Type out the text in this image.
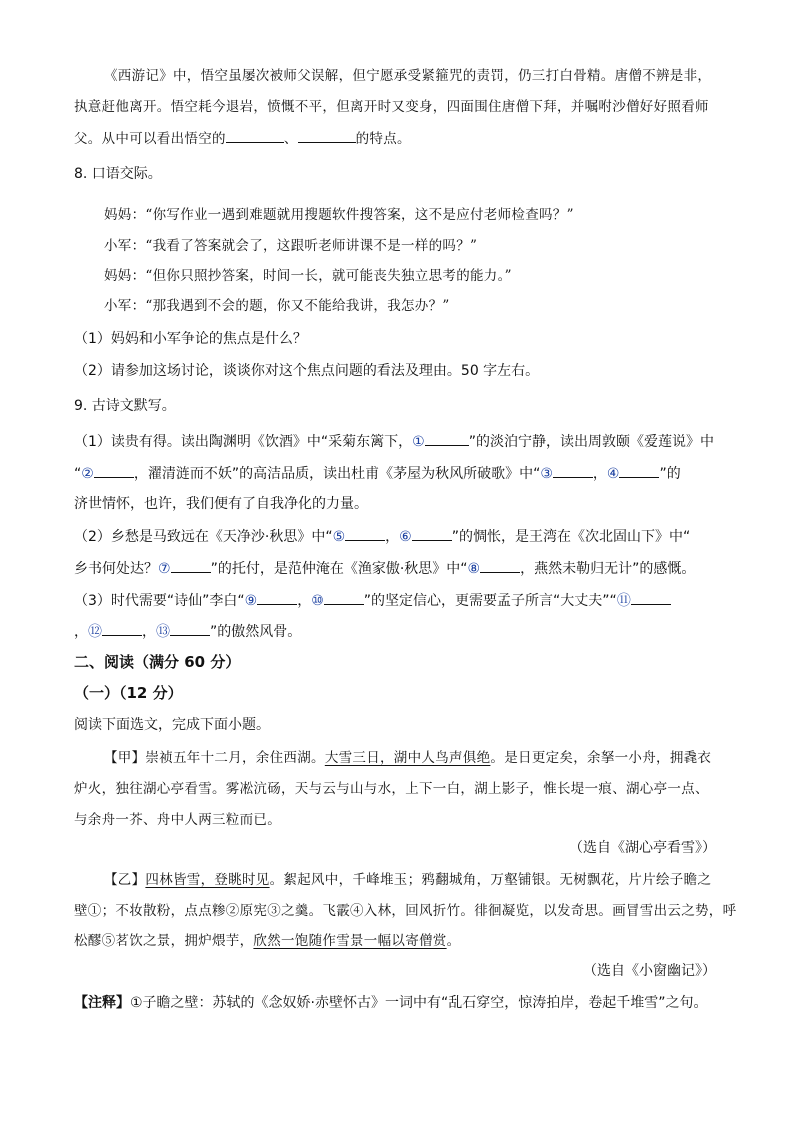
《西游记》中，悟空虽屡次被师父误解，但宁愿承受紧箍咒的责罚，仍三打白骨精。唐僧不辨是非，
执意赶他离开。悟空耗今退岩，愤慨不平，但离开时又变身，四面围住唐僧下拜，并嘱咐沙僧好好照看师
父。从中可以看出悟空的	、	的特点。
8. 口语交际。
妈妈：“你写作业一遇到难题就用搜题软件搜答案，这不是应付老师检查吗？”
小军：“我看了答案就会了，这跟听老师讲课不是一样的吗？”
妈妈：“但你只照抄答案，时间一长，就可能丧失独立思考的能力。”
小军：“那我遇到不会的题，你又不能给我讲，我怎办？”
（1）妈妈和小军争论的焦点是什么？
（2）请参加这场讨论，谈谈你对这个焦点问题的看法及理由。50 字左右。
9. 古诗文默写。
（1）读贵有得。读出陶渊明《饮酒》中“采菊东篱下，①	”的淡泊宁静，读出周敦颐《爱莲说》中
“②	，濯清涟而不妖”的高洁品质，读出杜甫《茅屋为秋风所破歌》中“③	，④	”的
济世情怀，也许，我们便有了自我净化的力量。
（2）乡愁是马致远在《天净沙·秋思》中“⑤	，⑥	”的惆怅，是王湾在《次北固山下》中“
乡书何处达？⑦	”的托付，是范仲淹在《渔家傲·秋思》中“⑧	，燕然未勒归无计”的感慨。
（3）时代需要“诗仙”李白“⑨	，⑩	”的坚定信心，更需要孟子所言“大丈夫”“⑪
，⑫	，⑬	”的傲然风骨。
二、阅读（满分 60 分）
（一）（12 分）
阅读下面选文，完成下面小题。
【甲】崇祯五年十二月，余住西湖。大雪三日，湖中人鸟声俱绝。是日更定矣，余拏一小舟，拥毳衣
炉火，独往湖心亭看雪。雾凇沆砀，天与云与山与水，上下一白，湖上影子，惟长堤一痕、湖心亭一点、
与余舟一芥、舟中人两三粒而已。
（选自《湖心亭看雪》）
【乙】四林皆雪，登眺时见。絮起风中，千峰堆玉；鸦翻城角，万壑铺银。无树飘花，片片绘子瞻之
壁①；不妆散粉，点点糁②原宪③之羹。飞霰④入林，回风折竹。徘徊凝览，以发奇思。画冒雪出云之势，呼
松醪⑤茗饮之景，拥炉煨芋，欣然一饱随作雪景一幅以寄僧赏。
（选自《小窗幽记》）
【注释】①子瞻之壁：苏轼的《念奴娇·赤壁怀古》一词中有“乱石穿空，惊涛拍岸，卷起千堆雪”之句。
